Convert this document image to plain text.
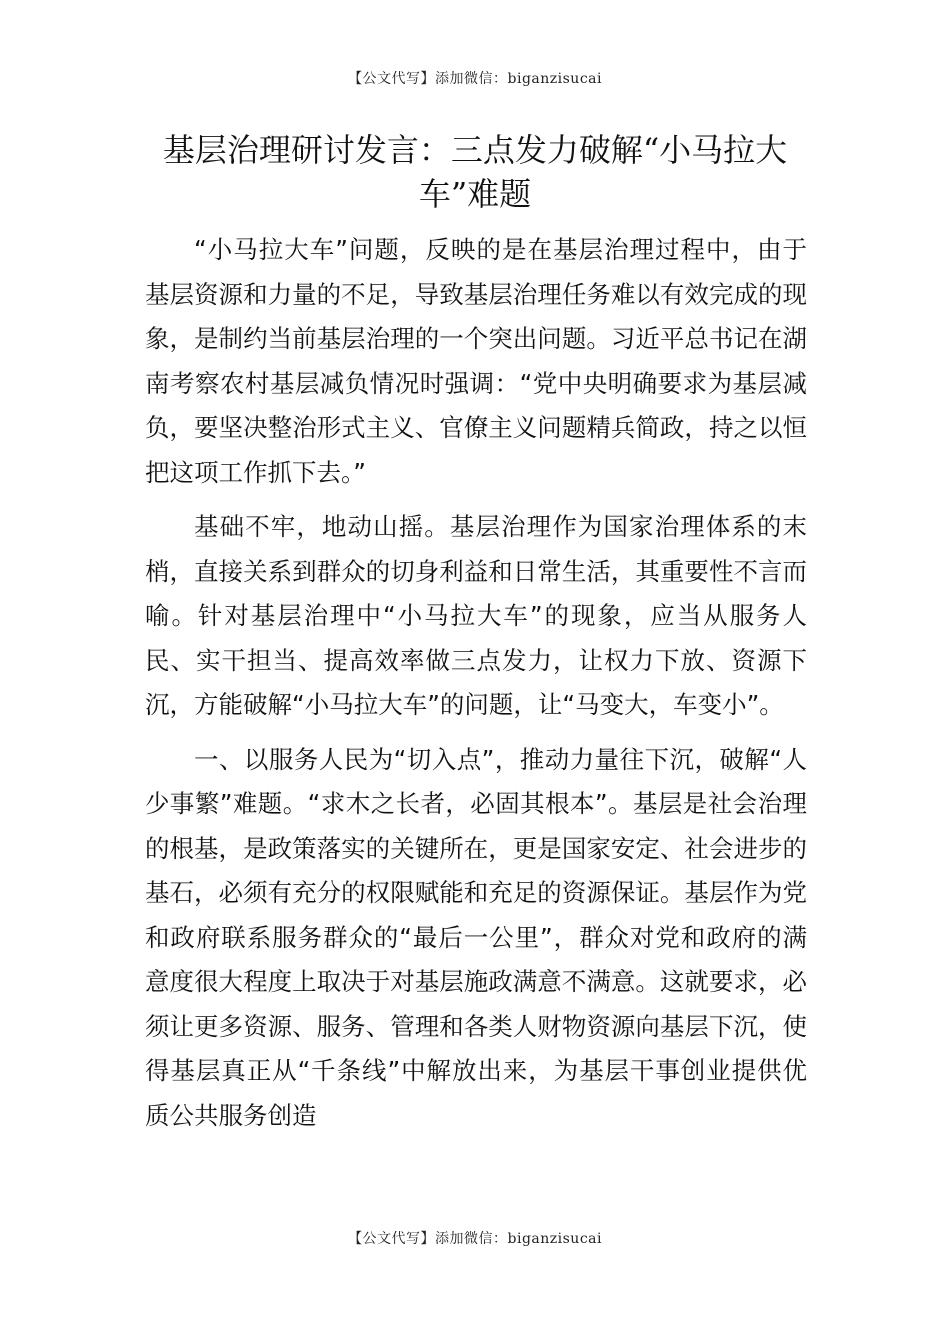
【公文代写】添加微信：biganzisucai
基层治理研讨发言：三点发力破解“小马拉大车”难题

“小马拉大车”问题，反映的是在基层治理过程中，由于基层资源和力量的不足，导致基层治理任务难以有效完成的现象，是制约当前基层治理的一个突出问题。习近平总书记在湖南考察农村基层减负情况时强调：“党中央明确要求为基层减负，要坚决整治形式主义、官僚主义问题精兵简政，持之以恒把这项工作抓下去。”

基础不牢，地动山摇。基层治理作为国家治理体系的末梢，直接关系到群众的切身利益和日常生活，其重要性不言而喻。针对基层治理中“小马拉大车”的现象，应当从服务人民、实干担当、提高效率做三点发力，让权力下放、资源下沉，方能破解“小马拉大车”的问题，让“马变大，车变小”。

一、以服务人民为“切入点”，推动力量往下沉，破解“人少事繁”难题。“求木之长者，必固其根本”。基层是社会治理的根基，是政策落实的关键所在，更是国家安定、社会进步的基石，必须有充分的权限赋能和充足的资源保证。基层作为党和政府联系服务群众的“最后一公里”，群众对党和政府的满意度很大程度上取决于对基层施政满意不满意。这就要求，必须让更多资源、服务、管理和各类人财物资源向基层下沉，使得基层真正从“千条线”中解放出来，为基层干事创业提供优质公共服务创造

【公文代写】添加微信：biganzisucai
